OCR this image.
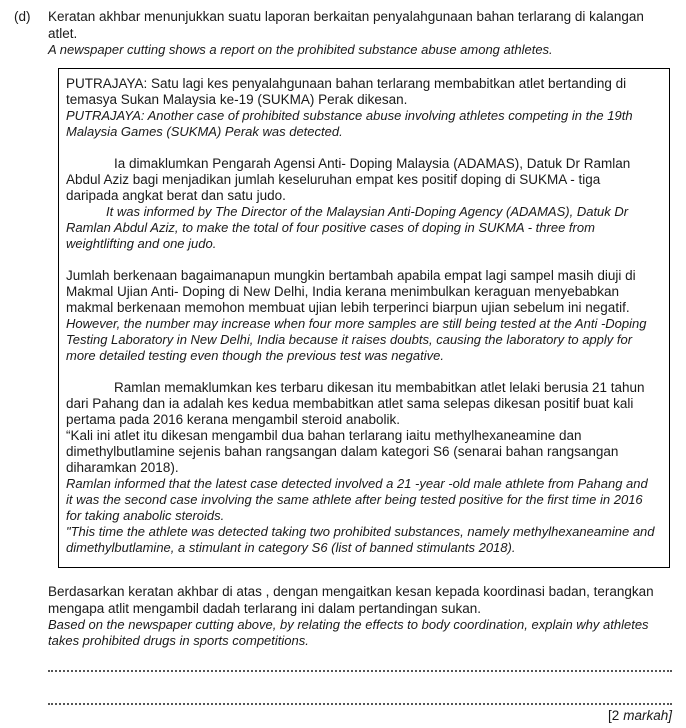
(d)	Keratan akhbar menunjukkan suatu laporan berkaitan penyalahgunaan bahan terlarang di kalangan atlet.

A newspaper cutting shows a report on the prohibited substance abuse among athletes.

PUTRAJAYA: Satu lagi kes penyalahgunaan bahan terlarang membabitkan atlet bertanding di temasya Sukan Malaysia ke-19 (SUKMA) Perak dikesan.

PUTRAJAYA: Another case of prohibited substance abuse involving athletes competing in the 19th Malaysia Games (SUKMA) Perak was detected.

Ia dimaklumkan Pengarah Agensi Anti- Doping Malaysia (ADAMAS), Datuk Dr Ramlan Abdul Aziz bagi menjadikan jumlah keseluruhan empat kes positif doping di SUKMA - tiga daripada angkat berat dan satu judo.

It was informed by The Director of the Malaysian Anti-Doping Agency (ADAMAS), Datuk Dr Ramlan Abdul Aziz, to make the total of four positive cases of doping in SUKMA - three from weightlifting and one judo.

Jumlah berkenaan bagaimanapun mungkin bertambah apabila empat lagi sampel masih diuji di Makmal Ujian Anti- Doping di New Delhi, India kerana menimbulkan keraguan menyebabkan makmal berkenaan memohon membuat ujian lebih terperinci biarpun ujian sebelum ini negatif.

However, the number may increase when four more samples are still being tested at the Anti -Doping Testing Laboratory in New Delhi, India because it raises doubts, causing the laboratory to apply for more detailed testing even though the previous test was negative.

Ramlan memaklumkan kes terbaru dikesan itu membabitkan atlet lelaki berusia 21 tahun dari Pahang dan ia adalah kes kedua membabitkan atlet sama selepas dikesan positif buat kali pertama pada 2016 kerana mengambil steroid anabolik.

“Kali ini atlet itu dikesan mengambil dua bahan terlarang iaitu methylhexaneamine dan dimethylbutlamine sejenis bahan rangsangan dalam kategori S6 (senarai bahan rangsangan diharamkan 2018).

Ramlan informed that the latest case detected involved a 21 -year -old male athlete from Pahang and it was the second case involving the same athlete after being tested positive for the first time in 2016 for taking anabolic steroids.

"This time the athlete was detected taking two prohibited substances, namely methylhexaneamine and dimethylbutlamine, a stimulant in category S6 (list of banned stimulants 2018).

Berdasarkan keratan akhbar di atas , dengan mengaitkan kesan kepada koordinasi badan, terangkan mengapa atlit mengambil dadah terlarang ini dalam pertandingan sukan.

Based on the newspaper cutting above, by relating the effects to body coordination, explain why athletes takes prohibited drugs in sports competitions.

[2 markah]
